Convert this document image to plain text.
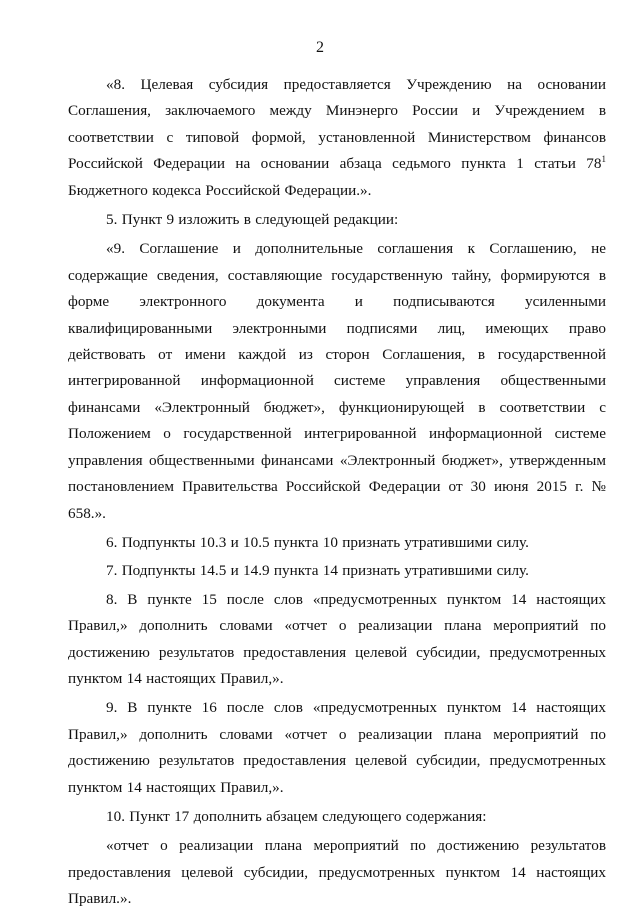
2

«8. Целевая субсидия предоставляется Учреждению на основании Соглашения, заключаемого между Минэнерго России и Учреждением в соответствии с типовой формой, установленной Министерством финансов Российской Федерации на основании абзаца седьмого пункта 1 статьи $78^1$ Бюджетного кодекса Российской Федерации.».

5. Пункт 9 изложить в следующей редакции:

«9. Соглашение и дополнительные соглашения к Соглашению, не содержащие сведения, составляющие государственную тайну, формируются в форме электронного документа и подписываются усиленными квалифицированными электронными подписями лиц, имеющих право действовать от имени каждой из сторон Соглашения, в государственной интегрированной информационной системе управления общественными финансами «Электронный бюджет», функционирующей в соответствии с Положением о государственной интегрированной информационной системе управления общественными финансами «Электронный бюджет», утвержденным постановлением Правительства Российской Федерации от 30 июня 2015 г. № 658.».

6. Подпункты 10.3 и 10.5 пункта 10 признать утратившими силу.

7. Подпункты 14.5 и 14.9 пункта 14 признать утратившими силу.

8. В пункте 15 после слов «предусмотренных пунктом 14 настоящих Правил,» дополнить словами «отчет о реализации плана мероприятий по достижению результатов предоставления целевой субсидии, предусмотренных пунктом 14 настоящих Правил,».

9. В пункте 16 после слов «предусмотренных пунктом 14 настоящих Правил,» дополнить словами «отчет о реализации плана мероприятий по достижению результатов предоставления целевой субсидии, предусмотренных пунктом 14 настоящих Правил,».

10. Пункт 17 дополнить абзацем следующего содержания:

«отчет о реализации плана мероприятий по достижению результатов предоставления целевой субсидии, предусмотренных пунктом 14 настоящих Правил.».
